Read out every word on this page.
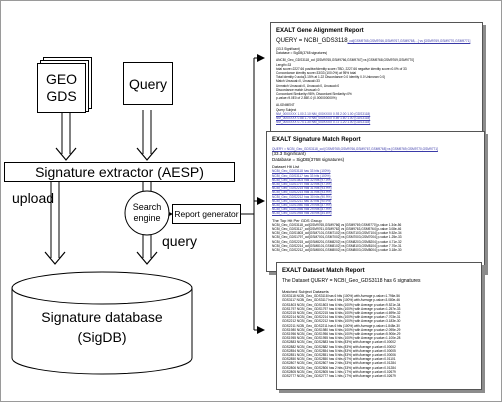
GEO
GDS
Query
Signature extractor (AESP)
Search
engine Report generator
upload
query
Signature database
(SigDB)
EXALT Gene Alignment Report
QUERY = NCBI_GDS3118_col[GSM9765,GSM9766,GSM9767,GSM9768,...] vs [GSM9769,GSM9770,GSM9771]
(33.3 Significant)
Database = SigDB(3768 signatures)
ANCBI_Geo_GDS3118_col [GSM9765,GSM9766,GSM9767] vs [GSM9768,GSM9769,GSM9770]
Length=33
total score=2227.66 positive/identity score=TBD, 2227.66 negative identity score=0.0% of 33
Concordance identity score=33/33 (100.0%) at 95% total
Total identity 0 auto(3.15% at 1.22 Discordance 0.0 Identity 0.0 Unknown 0.0)
Match Unusual=0, Unusual=33
Unmatch Unusual=0, Unusual=0, Unusual=0
Discordance match Unusual=0
Concordant Similarity=98%, Discordant Similarity=0%
p-value=9.0E0 of 2.55E-0 (0.000000000%)
ALIGNMENT
Query Subject
NM_000XXXX 1.00 2.10 NM_000XXXX 0.93 2.00 1.00 (GDS3118)
NM_000XXXX 0.88 1.70 NM_000XXXX 0.89 1.60 1.00 (GDS3118)
NM_000XXXX 0.74 1.30 NM_000XXXX 0.72 1.20 1.00 (GDS3118)
EXALT Signature Match Report
QUERY = NCBI_Geo_GDS3118_col [GSM9765,GSM9766,GSM9767,GSM9768] vs [GSM9769,GSM9770,GSM9771]
(33.3 Significant)
Database = SigDB(3768 signatures)
Dataset Hit List
NCBI_Geo_GDS3118 has 33 hits (100%)
NCBI_Geo_GDS3117 has 33 hits (100%)
NCBI_Geo_GDS1803 has 32 hits (97.0%)
NCBI_Geo_GDS1797 has 32 hits (97.0%)
NCBI_Geo_GDS2215 has 31 hits (93.9%)
NCBI_Geo_GDS2214 has 31 hits (93.9%)
NCBI_Geo_GDS2212 has 30 hits (90.9%)
NCBI_Geo_GDS2211 has 30 hits (90.9%)
NCBI_Geo_GDS1980 has 29 hits (87.9%)
NCBI_Geo_GDS1956 has 29 hits (87.9%)
NCBI_Geo_GDS1955 has 28 hits (84.8%)
The Top Hit Per GDS Group
NCBI_Geo_GDS3118_col[GSM9765,GSM9766] vs [GSM9769,GSM9770] p-value 1.34e-56
NCBI_Geo_GDS3117_col[GSM9761,GSM9762] vs [GSM9763,GSM9764] p-value 3.08e-46
NCBI_Geo_GDS1803_col[GSM7101,GSM7102] vs [GSM7103,GSM7104] p-value 9.52e-34
NCBI_Geo_GDS1797_col[GSM7001,GSM7002] vs [GSM7003,GSM7004] p-value 1.25e-33
NCBI_Geo_GDS2215_col[GSM8201,GSM8202] vs [GSM8203,GSM8204] p-value 4.71e-32
NCBI_Geo_GDS2214_col[GSM8101,GSM8102] vs [GSM8103,GSM8104] p-value 7.70e-31
NCBI_Geo_GDS2212_col[GSM8001,GSM8002] vs [GSM8003,GSM8004] p-value 3.18e-30
EXALT Dataset Match Report
The Dataset QUERY = NCBI_Geo_GDS3118 has 6 signatures
Matched Subject Datasets
GDS3118 NCBI_Geo_GDS3118 has 6 hits (100%) with Average p-value=1.796e-56
GDS3117 NCBI_Geo_GDS3117 has 6 hits (100%) with Average p-value=3.080e-46
GDS1803 NCBI_Geo_GDS1803 has 6 hits (100%) with Average p-value=9.521e-34
GDS1797 NCBI_Geo_GDS1797 has 6 hits (100%) with Average p-value=1.257e-33
GDS2215 NCBI_Geo_GDS2215 has 6 hits (100%) with Average p-value=4.699e-32
GDS2214 NCBI_Geo_GDS2214 has 6 hits (100%) with Average p-value=7.703e-31
GDS2212 NCBI_Geo_GDS2212 has 6 hits (100%) with Average p-value=3.183e-30
GDS2211 NCBI_Geo_GDS2211 has 6 hits (100%) with Average p-value=1.848e-30
GDS1980 NCBI_Geo_GDS1980 has 6 hits (100%) with Average p-value=2.095e-29
GDS1956 NCBI_Geo_GDS1956 has 6 hits (100%) with Average p-value=5.906e-29
GDS1955 NCBI_Geo_GDS1955 has 6 hits (100%) with Average p-value=1.100e-28
GDS2883 NCBI_Geo_GDS2883 has 5 hits (83%) with Average p-value=0.00002
GDS2882 NCBI_Geo_GDS2882 has 5 hits (83%) with Average p-value=0.00002
GDS2854 NCBI_Geo_GDS2854 has 5 hits (83%) with Average p-value=0.00005
GDS2851 NCBI_Geo_GDS2851 has 5 hits (83%) with Average p-value=0.00006
GDS2850 NCBI_Geo_GDS2850 has 4 hits (67%) with Average p-value=0.01101
GDS2807 NCBI_Geo_GDS2807 has 2 hits (33%) with Average p-value=0.01284
GDS2806 NCBI_Geo_GDS2806 has 2 hits (33%) with Average p-value=0.01284
GDS2805 NCBI_Geo_GDS2805 has 1 hits (17%) with Average p-value=0.02679
GDS2777 NCBI_Geo_GDS2777 has 1 hits (17%) with Average p-value=0.02679
